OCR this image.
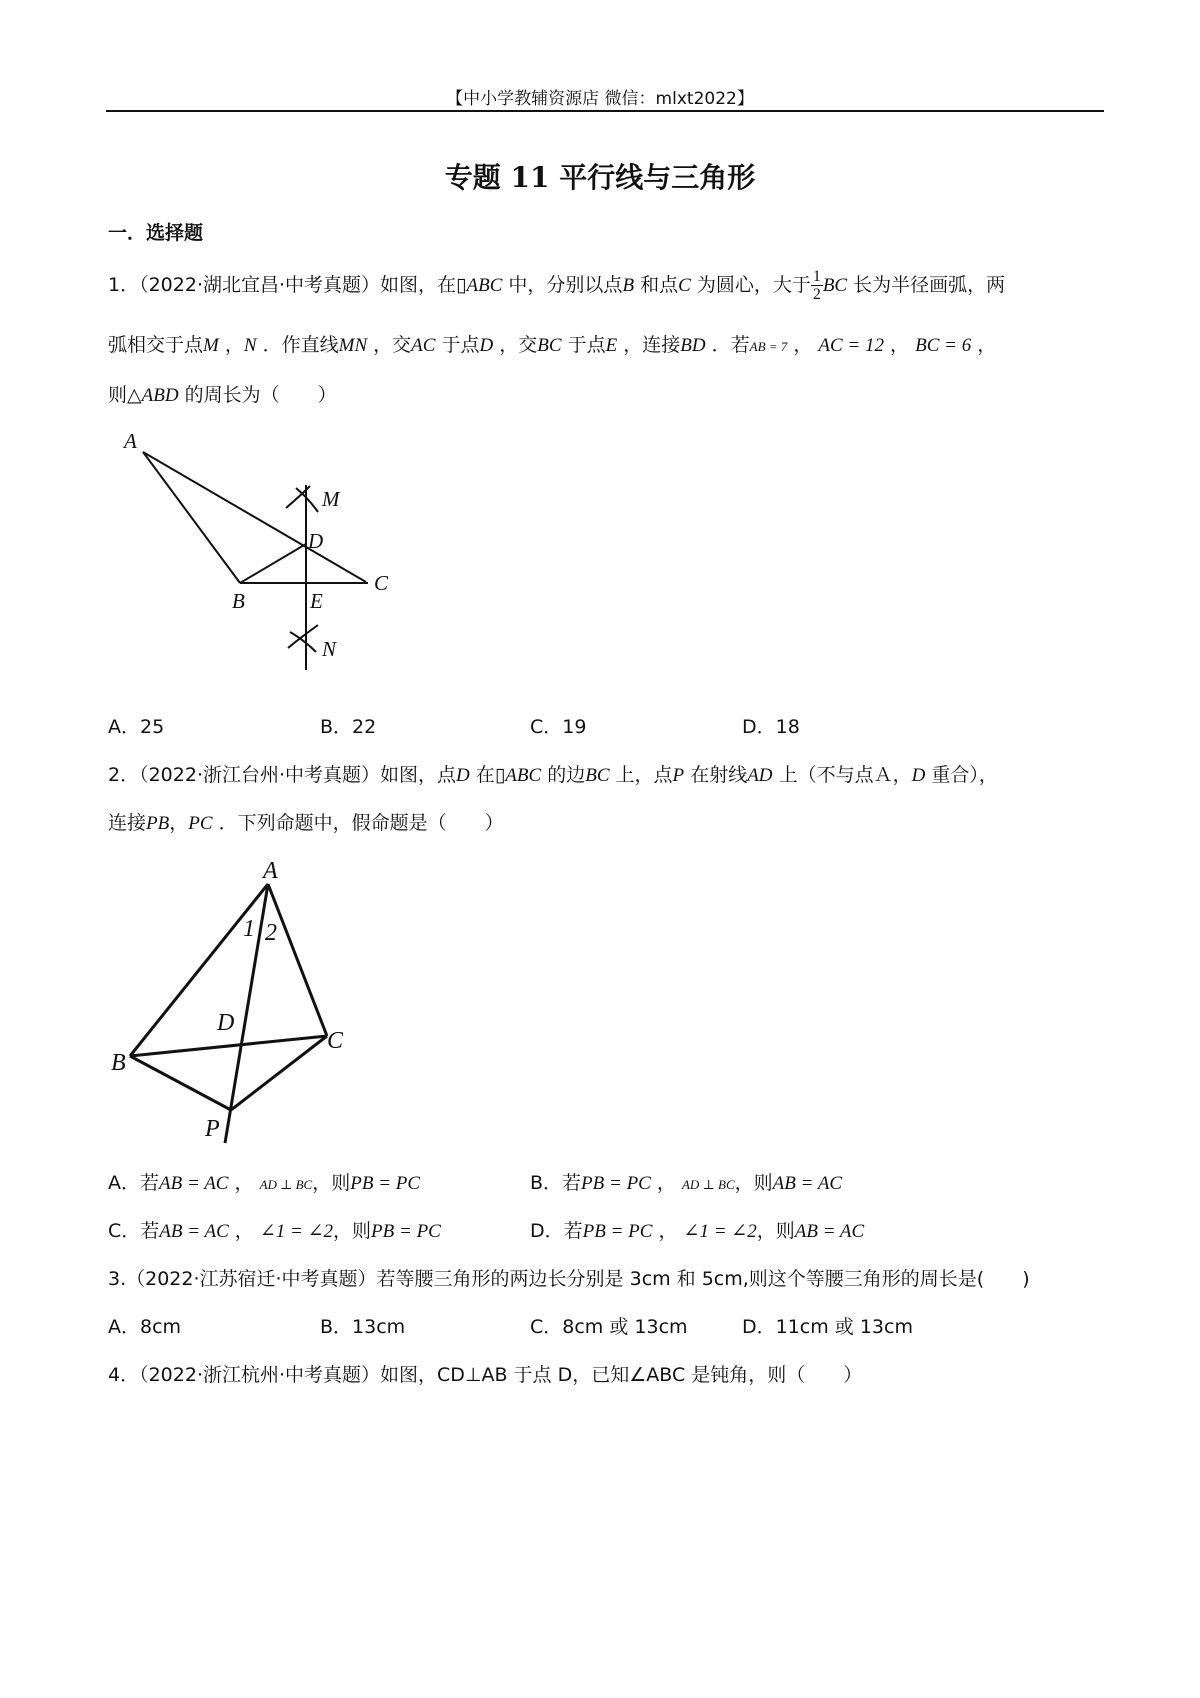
【中小学教辅资源店 微信：mlxt2022】
专题 11 平行线与三角形
一．选择题
1．（2022·湖北宜昌·中考真题）如图，在▯ABC 中，分别以点B 和点C 为圆心，大于 $\frac{1}{2}$ BC 长为半径画弧，两
弧相交于点M ，N ．作直线MN ，交AC 于点D ，交BC 于点E ，连接BD ．若AB = 7 ， AC = 12 ， BC = 6 ，
则△ABD 的周长为（　　）
A
B
C
D
E
M
N
A．25	B．22	C．19	D．18
2．（2022·浙江台州·中考真题）如图，点D 在▯ABC 的边BC 上，点P 在射线AD 上（不与点Ａ，D 重合），
连接PB，PC ．下列命题中，假命题是（　　）
A
B
C
D
P
1 2
A．若AB = AC ， AD ⊥ BC，则PB = PC	B．若PB = PC ， AD ⊥ BC，则AB = AC
C．若AB = AC ， ∠1 = ∠2，则PB = PC	D．若PB = PC ， ∠1 = ∠2，则AB = AC
3.（2022·江苏宿迁·中考真题）若等腰三角形的两边长分别是 3cm 和 5cm,则这个等腰三角形的周长是(　　)
A．8cm	B．13cm	C．8cm 或 13cm	D．11cm 或 13cm
4．（2022·浙江杭州·中考真题）如图，CD⊥AB 于点 D，已知∠ABC 是钝角，则（　　）
